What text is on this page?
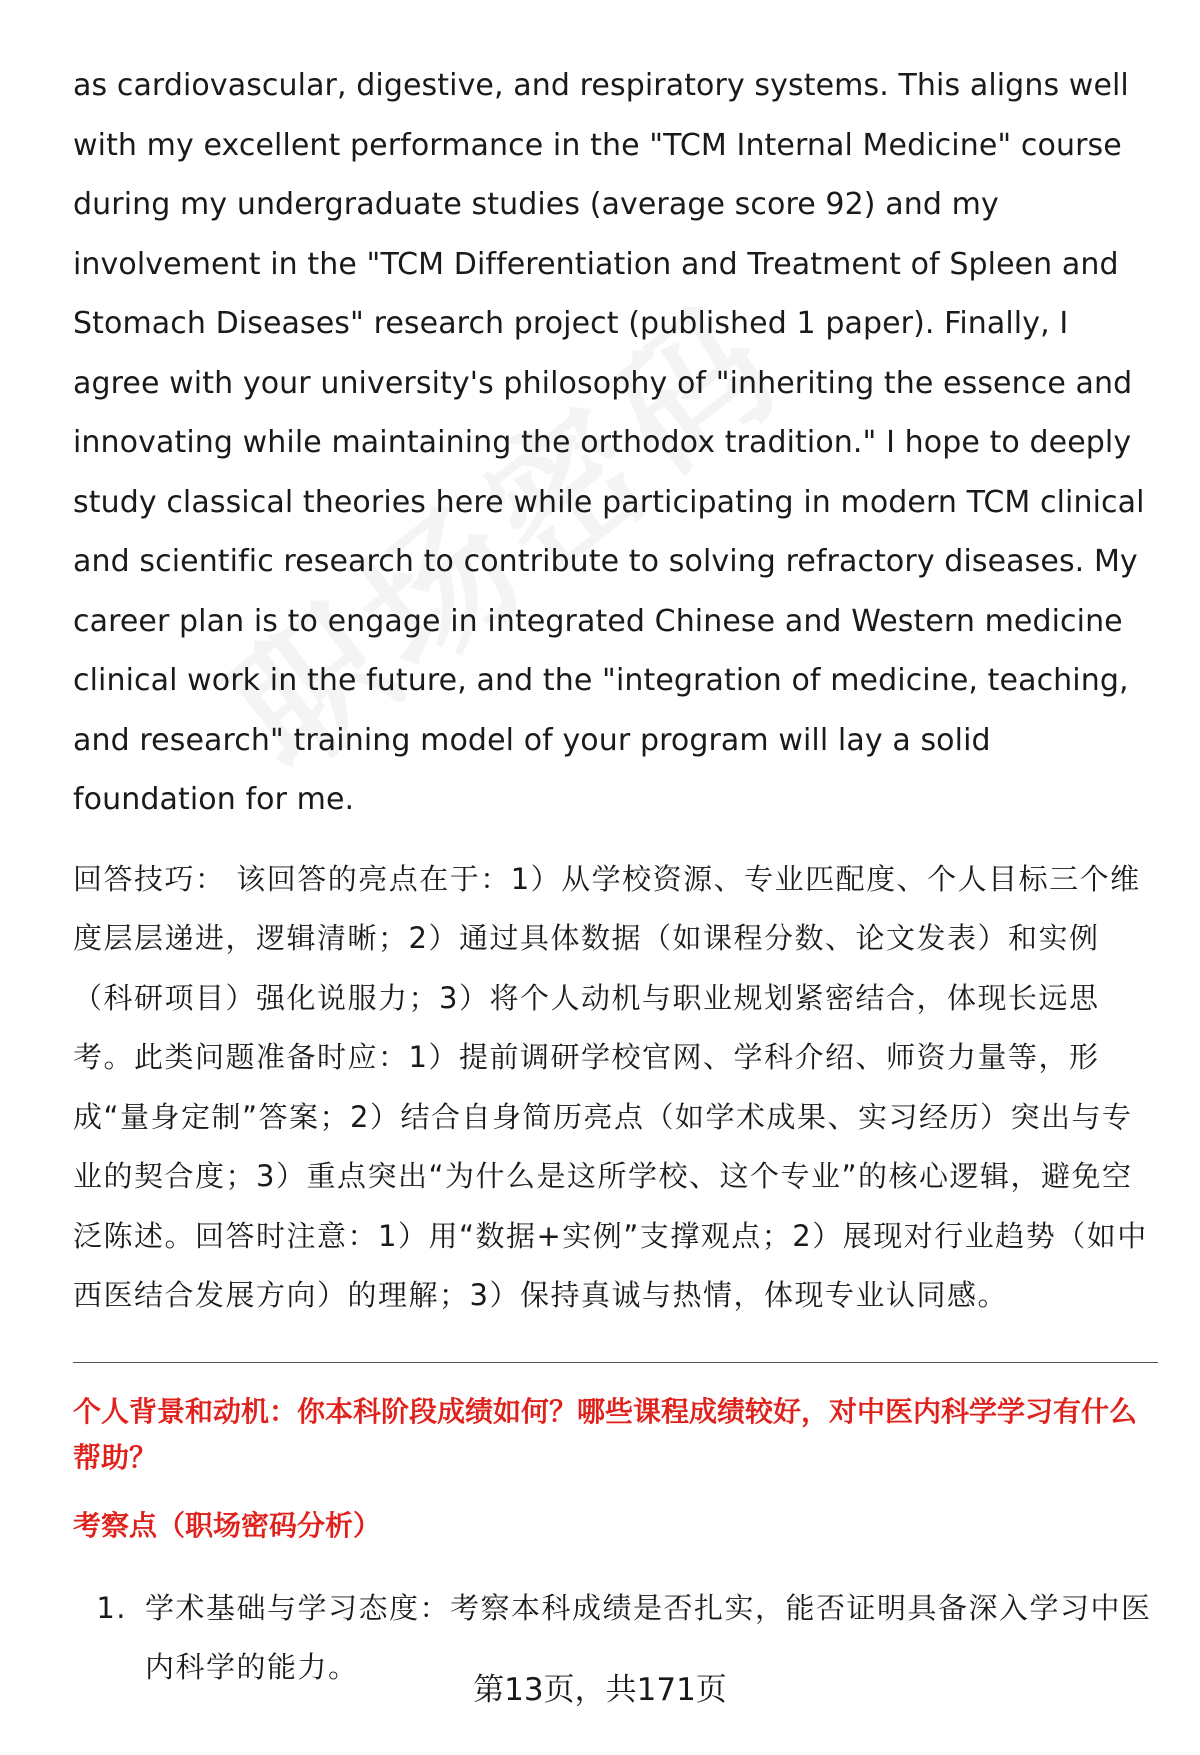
as cardiovascular, digestive, and respiratory systems. This aligns well with my excellent performance in the "TCM Internal Medicine" course during my undergraduate studies (average score 92) and my involvement in the "TCM Differentiation and Treatment of Spleen and Stomach Diseases" research project (published 1 paper). Finally, I agree with your university's philosophy of "inheriting the essence and innovating while maintaining the orthodox tradition." I hope to deeply study classical theories here while participating in modern TCM clinical and scientific research to contribute to solving refractory diseases. My career plan is to engage in integrated Chinese and Western medicine clinical work in the future, and the "integration of medicine, teaching, and research" training model of your program will lay a solid foundation for me.

回答技巧： 该回答的亮点在于：1）从学校资源、专业匹配度、个人目标三个维度层层递进，逻辑清晰；2）通过具体数据（如课程分数、论文发表）和实例（科研项目）强化说服力；3）将个人动机与职业规划紧密结合，体现长远思考。此类问题准备时应：1）提前调研学校官网、学科介绍、师资力量等，形成“量身定制”答案；2）结合自身简历亮点（如学术成果、实习经历）突出与专业的契合度；3）重点突出“为什么是这所学校、这个专业”的核心逻辑，避免空泛陈述。回答时注意：1）用“数据+实例”支撑观点；2）展现对行业趋势（如中西医结合发展方向）的理解；3）保持真诚与热情，体现专业认同感。

个人背景和动机：你本科阶段成绩如何？哪些课程成绩较好，对中医内科学学习有什么帮助？

考察点（职场密码分析）

1. 学术基础与学习态度：考察本科成绩是否扎实，能否证明具备深入学习中医内科学的能力。
第13页，共171页
